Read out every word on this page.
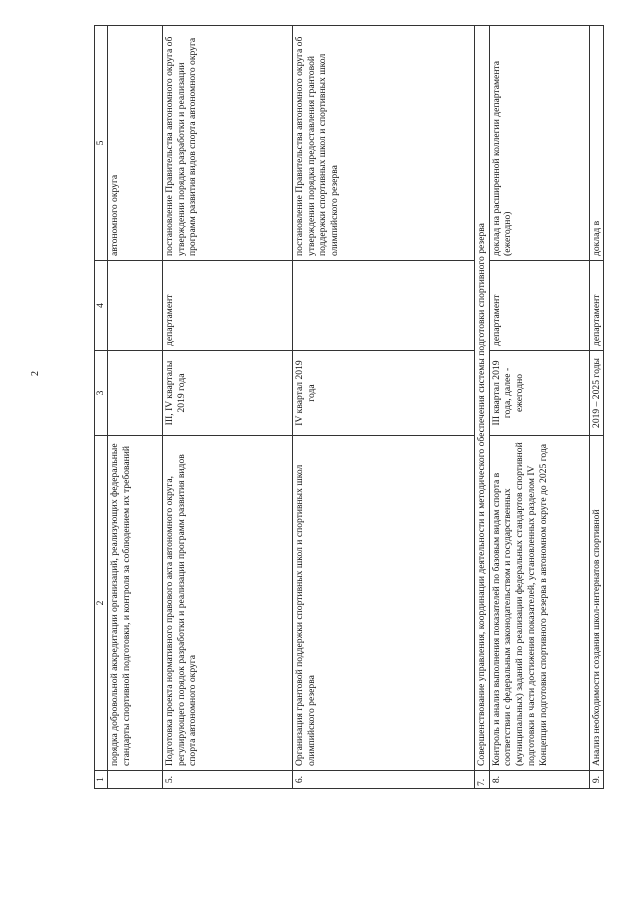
2
1	2	3	4	5
	порядка добровольной аккредитации организаций, реализующих федеральные стандарты спортивной подготовки, и контроля за соблюдением их требований			автономного округа
5.	Подготовка проекта нормативного правового акта автономного округа, регулирующего порядок разработки и реализации программ развития видов спорта автономного округа	III, IV кварталы 2019 года	департамент	постановление Правительства автономного округа об утверждении порядка разработки и реализации программ развития видов спорта автономного округа
6.	Организация грантовой поддержки спортивных школ и спортивных школ олимпийского резерва	IV квартал 2019 года		постановление Правительства автономного округа об утверждении порядка предоставления грантовой поддержки спортивных школ и спортивных школ олимпийского резерва
7.	Совершенствование управления, координации деятельности и методического обеспечения системы подготовки спортивного резерва			
8.	Контроль и анализ выполнения показателей по базовым видам спорта в соответствии с федеральным законодательством и государственных (муниципальных) заданий по реализации федеральных стандартов спортивной подготовки в части достижения показателей, установленных разделом IV Концепции подготовки спортивного резерва в автономном округе до 2025 года	III квартал 2019 года, далее - ежегодно	департамент	доклад на расширенной коллегии департамента (ежегодно)
9.	Анализ необходимости создания школ-интернатов спортивной	2019 – 2025 годы	департамент	доклад в
